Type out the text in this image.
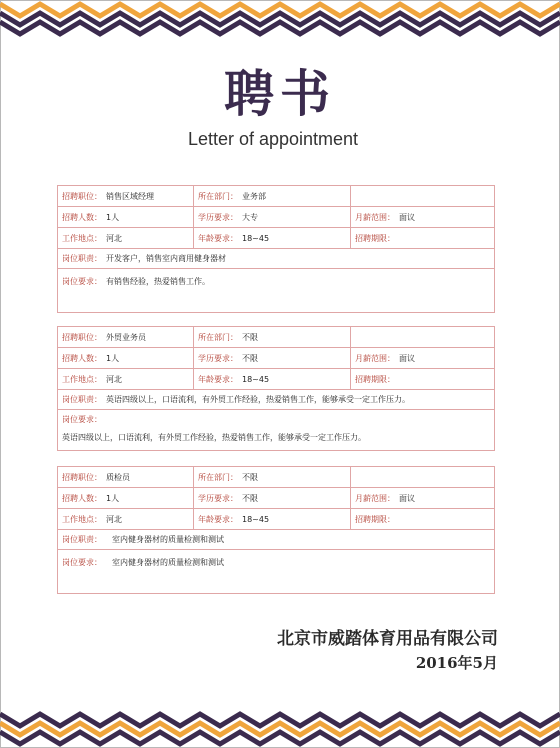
聘书
Letter of appointment
招聘职位： 销售区域经理	所在部门： 业务部
招聘人数： 1人	学历要求： 大专	月薪范围： 面议
工作地点： 河北	年龄要求： 18~45	招聘期限：
岗位职责： 开发客户，销售室内商用健身器材
岗位要求： 有销售经验，热爱销售工作。
招聘职位： 外贸业务员	所在部门： 不限
招聘人数： 1人	学历要求： 不限	月薪范围： 面议
工作地点： 河北	年龄要求： 18~45	招聘期限：
岗位职责： 英语四级以上，口语流利，有外贸工作经验，热爱销售工作，能够承受一定工作压力。
岗位要求：
英语四级以上，口语流利，有外贸工作经验，热爱销售工作，能够承受一定工作压力。
招聘职位： 质检员	所在部门： 不限
招聘人数： 1人	学历要求： 不限	月薪范围： 面议
工作地点： 河北	年龄要求： 18~45	招聘期限：
岗位职责： 室内健身器材的质量检测和测试
岗位要求： 室内健身器材的质量检测和测试
北京市威踏体育用品有限公司
2016年5月
